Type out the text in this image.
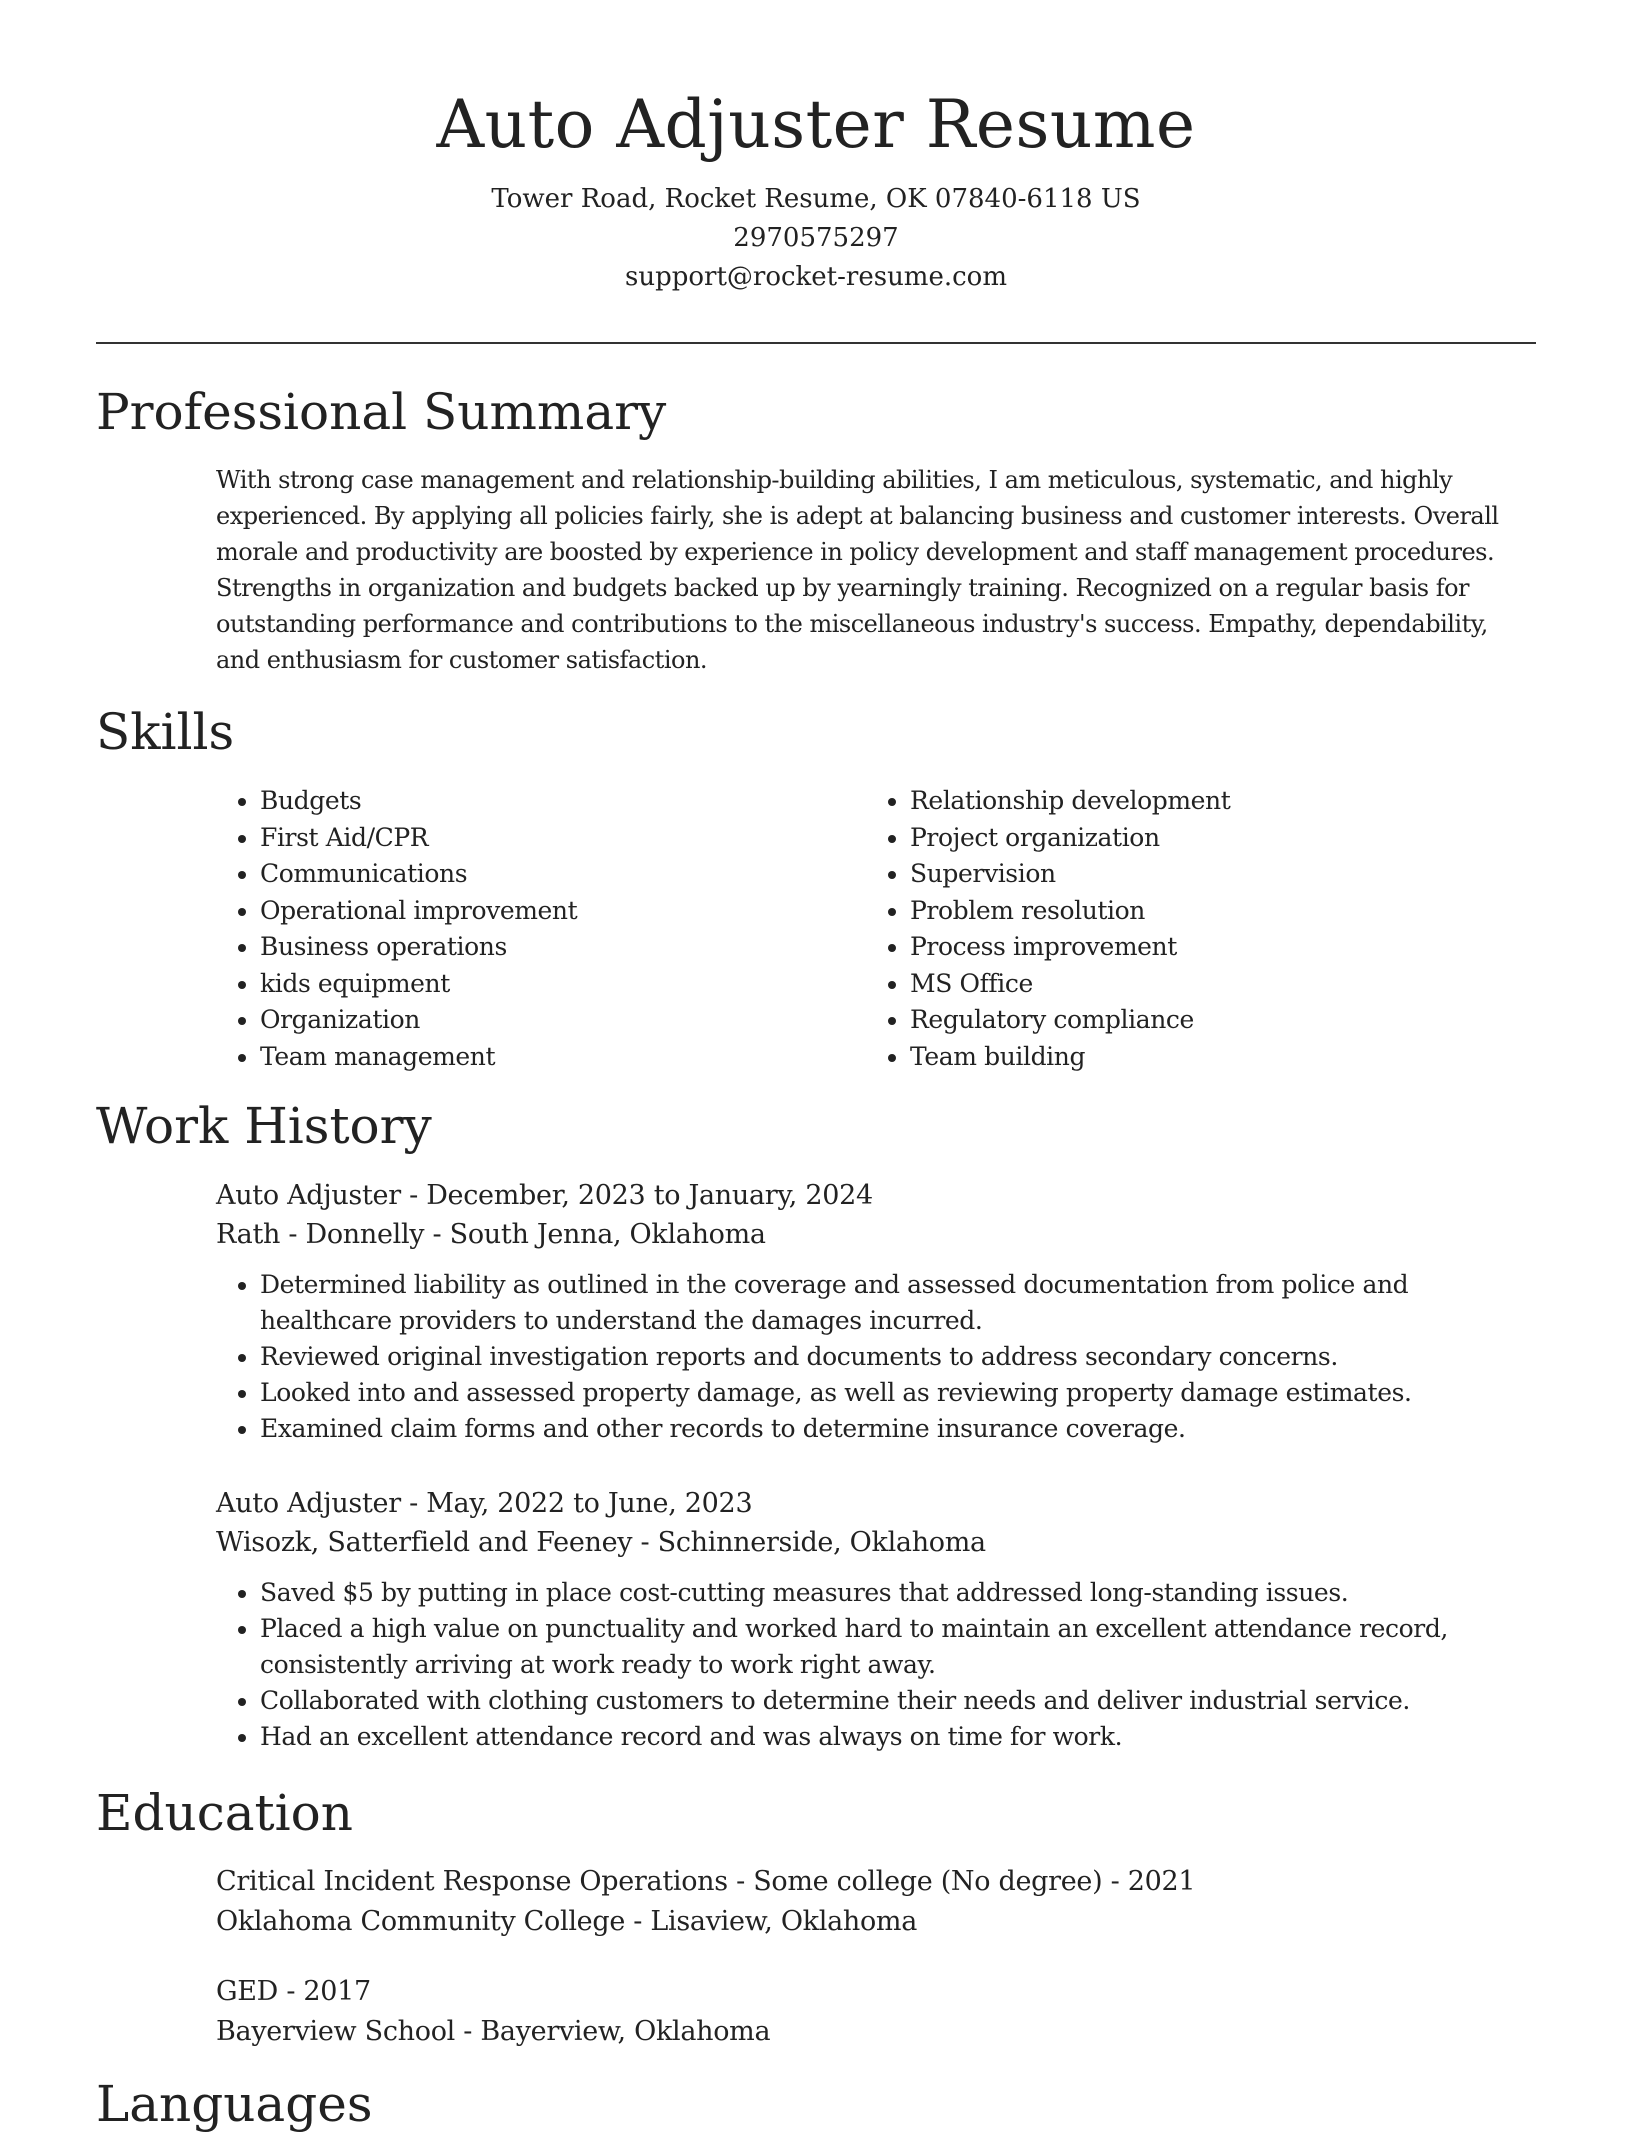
Auto Adjuster Resume
Tower Road, Rocket Resume, OK 07840-6118 US
2970575297
support@rocket-resume.com
Professional Summary
With strong case management and relationship-building abilities, I am meticulous, systematic, and highly experienced. By applying all policies fairly, she is adept at balancing business and customer interests. Overall morale and productivity are boosted by experience in policy development and staff management procedures. Strengths in organization and budgets backed up by yearningly training. Recognized on a regular basis for outstanding performance and contributions to the miscellaneous industry's success. Empathy, dependability, and enthusiasm for customer satisfaction.
Skills
• Budgets
• First Aid/CPR
• Communications
• Operational improvement
• Business operations
• kids equipment
• Organization
• Team management
• Relationship development
• Project organization
• Supervision
• Problem resolution
• Process improvement
• MS Office
• Regulatory compliance
• Team building
Work History
Auto Adjuster - December, 2023 to January, 2024
Rath - Donnelly - South Jenna, Oklahoma
• Determined liability as outlined in the coverage and assessed documentation from police and healthcare providers to understand the damages incurred.
• Reviewed original investigation reports and documents to address secondary concerns.
• Looked into and assessed property damage, as well as reviewing property damage estimates.
• Examined claim forms and other records to determine insurance coverage.
Auto Adjuster - May, 2022 to June, 2023
Wisozk, Satterfield and Feeney - Schinnerside, Oklahoma
• Saved $5 by putting in place cost-cutting measures that addressed long-standing issues.
• Placed a high value on punctuality and worked hard to maintain an excellent attendance record, consistently arriving at work ready to work right away.
• Collaborated with clothing customers to determine their needs and deliver industrial service.
• Had an excellent attendance record and was always on time for work.
Education
Critical Incident Response Operations - Some college (No degree) - 2021
Oklahoma Community College - Lisaview, Oklahoma
GED - 2017
Bayerview School - Bayerview, Oklahoma
Languages
